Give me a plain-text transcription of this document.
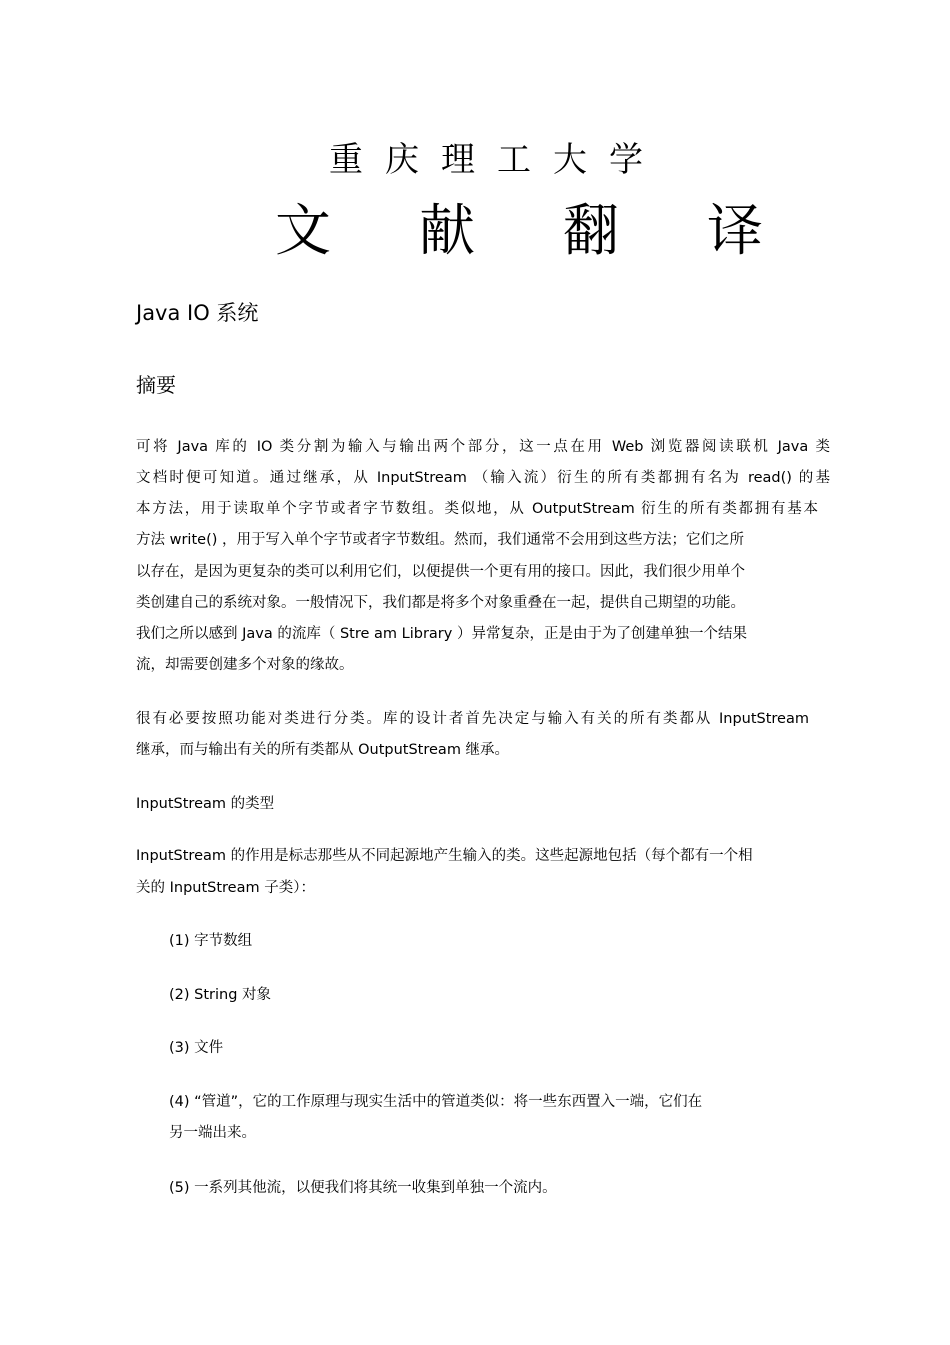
重庆理工大学
文献翻译
Java IO 系统
摘要
可将 Java 库的 IO 类分割为输入与输出两个部分，这一点在用 Web 浏览器阅读联机 Java 类
文档时便可知道。通过继承，从 InputStream （输入流）衍生的所有类都拥有名为 read() 的基
本方法，用于读取单个字节或者字节数组。类似地，从 OutputStream 衍生的所有类都拥有基本
方法 write() ，用于写入单个字节或者字节数组。然而，我们通常不会用到这些方法；它们之所
以存在，是因为更复杂的类可以利用它们，以便提供一个更有用的接口。因此，我们很少用单个
类创建自己的系统对象。一般情况下，我们都是将多个对象重叠在一起，提供自己期望的功能。
我们之所以感到 Java 的流库（ Stre am Library ）异常复杂，正是由于为了创建单独一个结果
流，却需要创建多个对象的缘故。
很有必要按照功能对类进行分类。库的设计者首先决定与输入有关的所有类都从 InputStream
继承，而与输出有关的所有类都从 OutputStream 继承。
InputStream 的类型
InputStream 的作用是标志那些从不同起源地产生输入的类。这些起源地包括（每个都有一个相
关的 InputStream 子类）：
(1) 字节数组
(2) String 对象
(3) 文件
(4) “管道”，它的工作原理与现实生活中的管道类似：将一些东西置入一端，它们在
另一端出来。
(5) 一系列其他流，以便我们将其统一收集到单独一个流内。
